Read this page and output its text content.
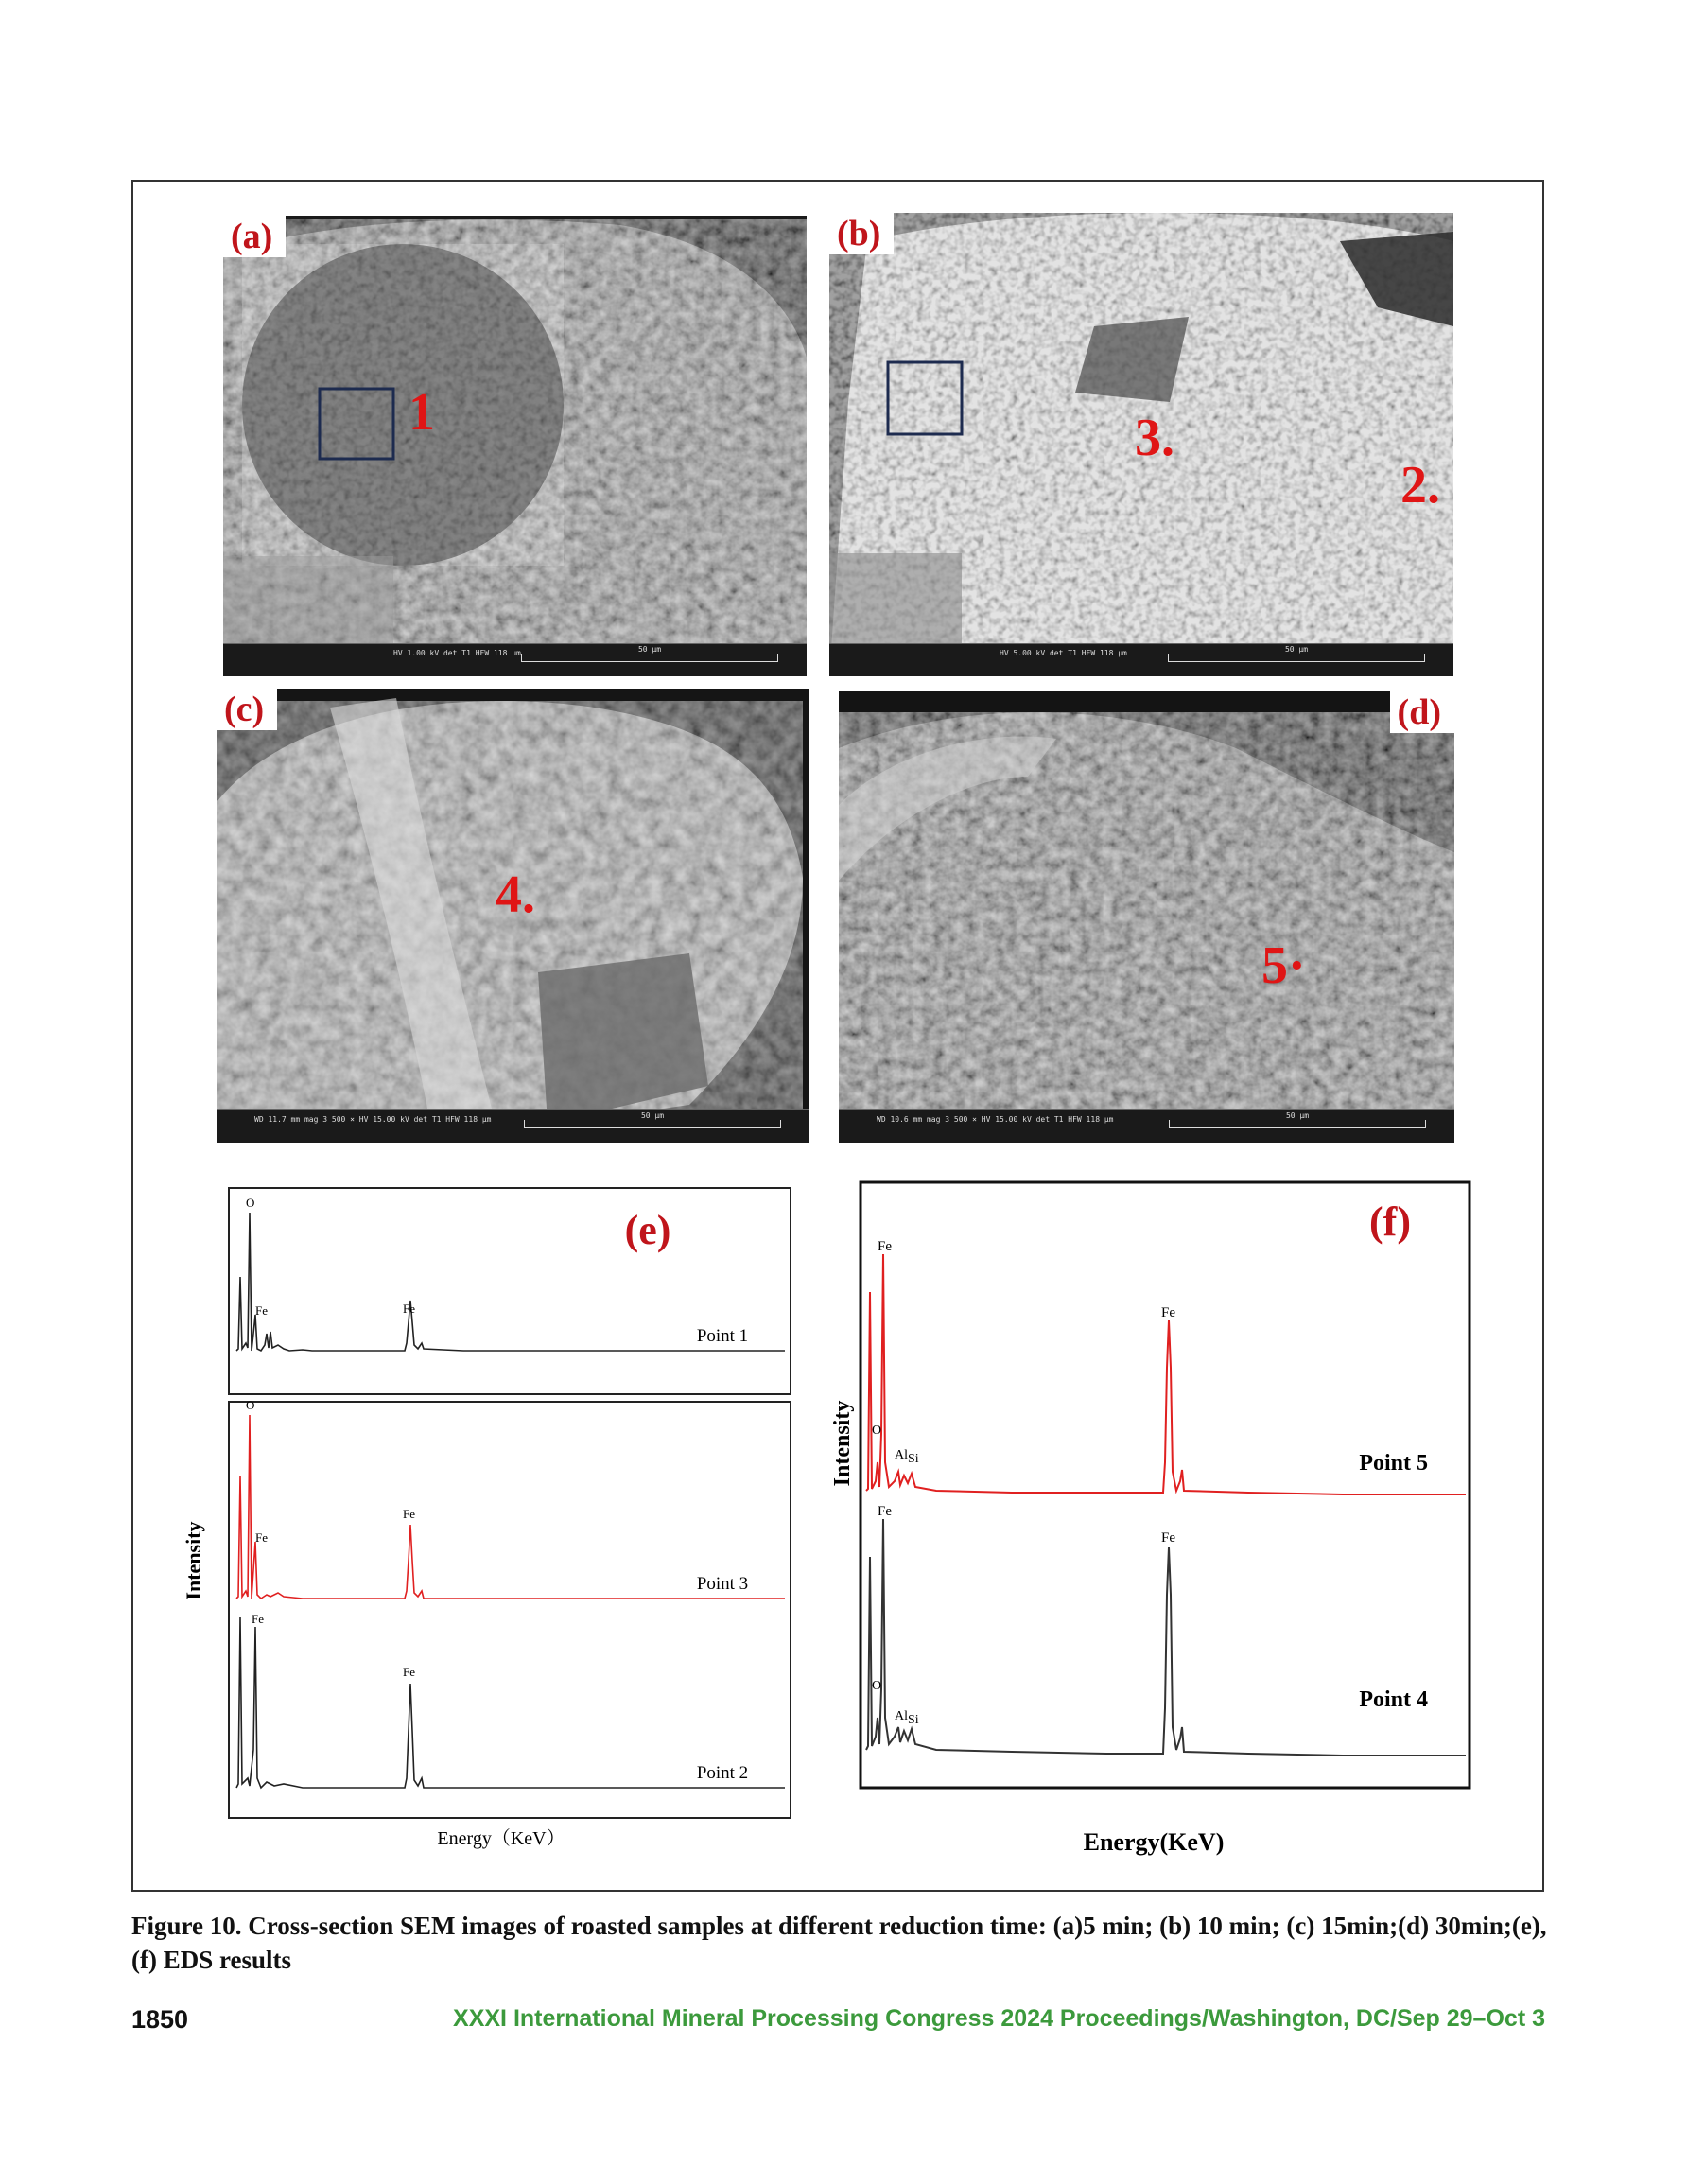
(a)
1
HV 1.00 kV det T1 HFW 118 μm	50 μm
(b)
3.
2.
HV 5.00 kV det T1 HFW 118 μm	50 μm
(c)
4.
WD 11.7 mm mag 3 500 × HV 15.00 kV det T1 HFW 118 μm	50 μm
(d)
5·
WD 10.6 mm mag 3 500 × HV 15.00 kV det T1 HFW 118 μm	50 μm
(e)
Intensity
Energy（KeV）
O
Fe	Fe
Point 1
O
Fe
Fe
Point 3
Fe
Fe
Point 2
(f)
Intensity
Energy(KeV)
Fe
O
Al Si
Fe
Point 5
Fe
O
Al Si
Fe
Point 4
Figure 10. Cross-section SEM images of roasted samples at different reduction time: (a)5 min; (b) 10 min; (c) 15min;(d) 30min;(e), (f) EDS results
1850	XXXI International Mineral Processing Congress 2024 Proceedings/Washington, DC/Sep 29–Oct 3
